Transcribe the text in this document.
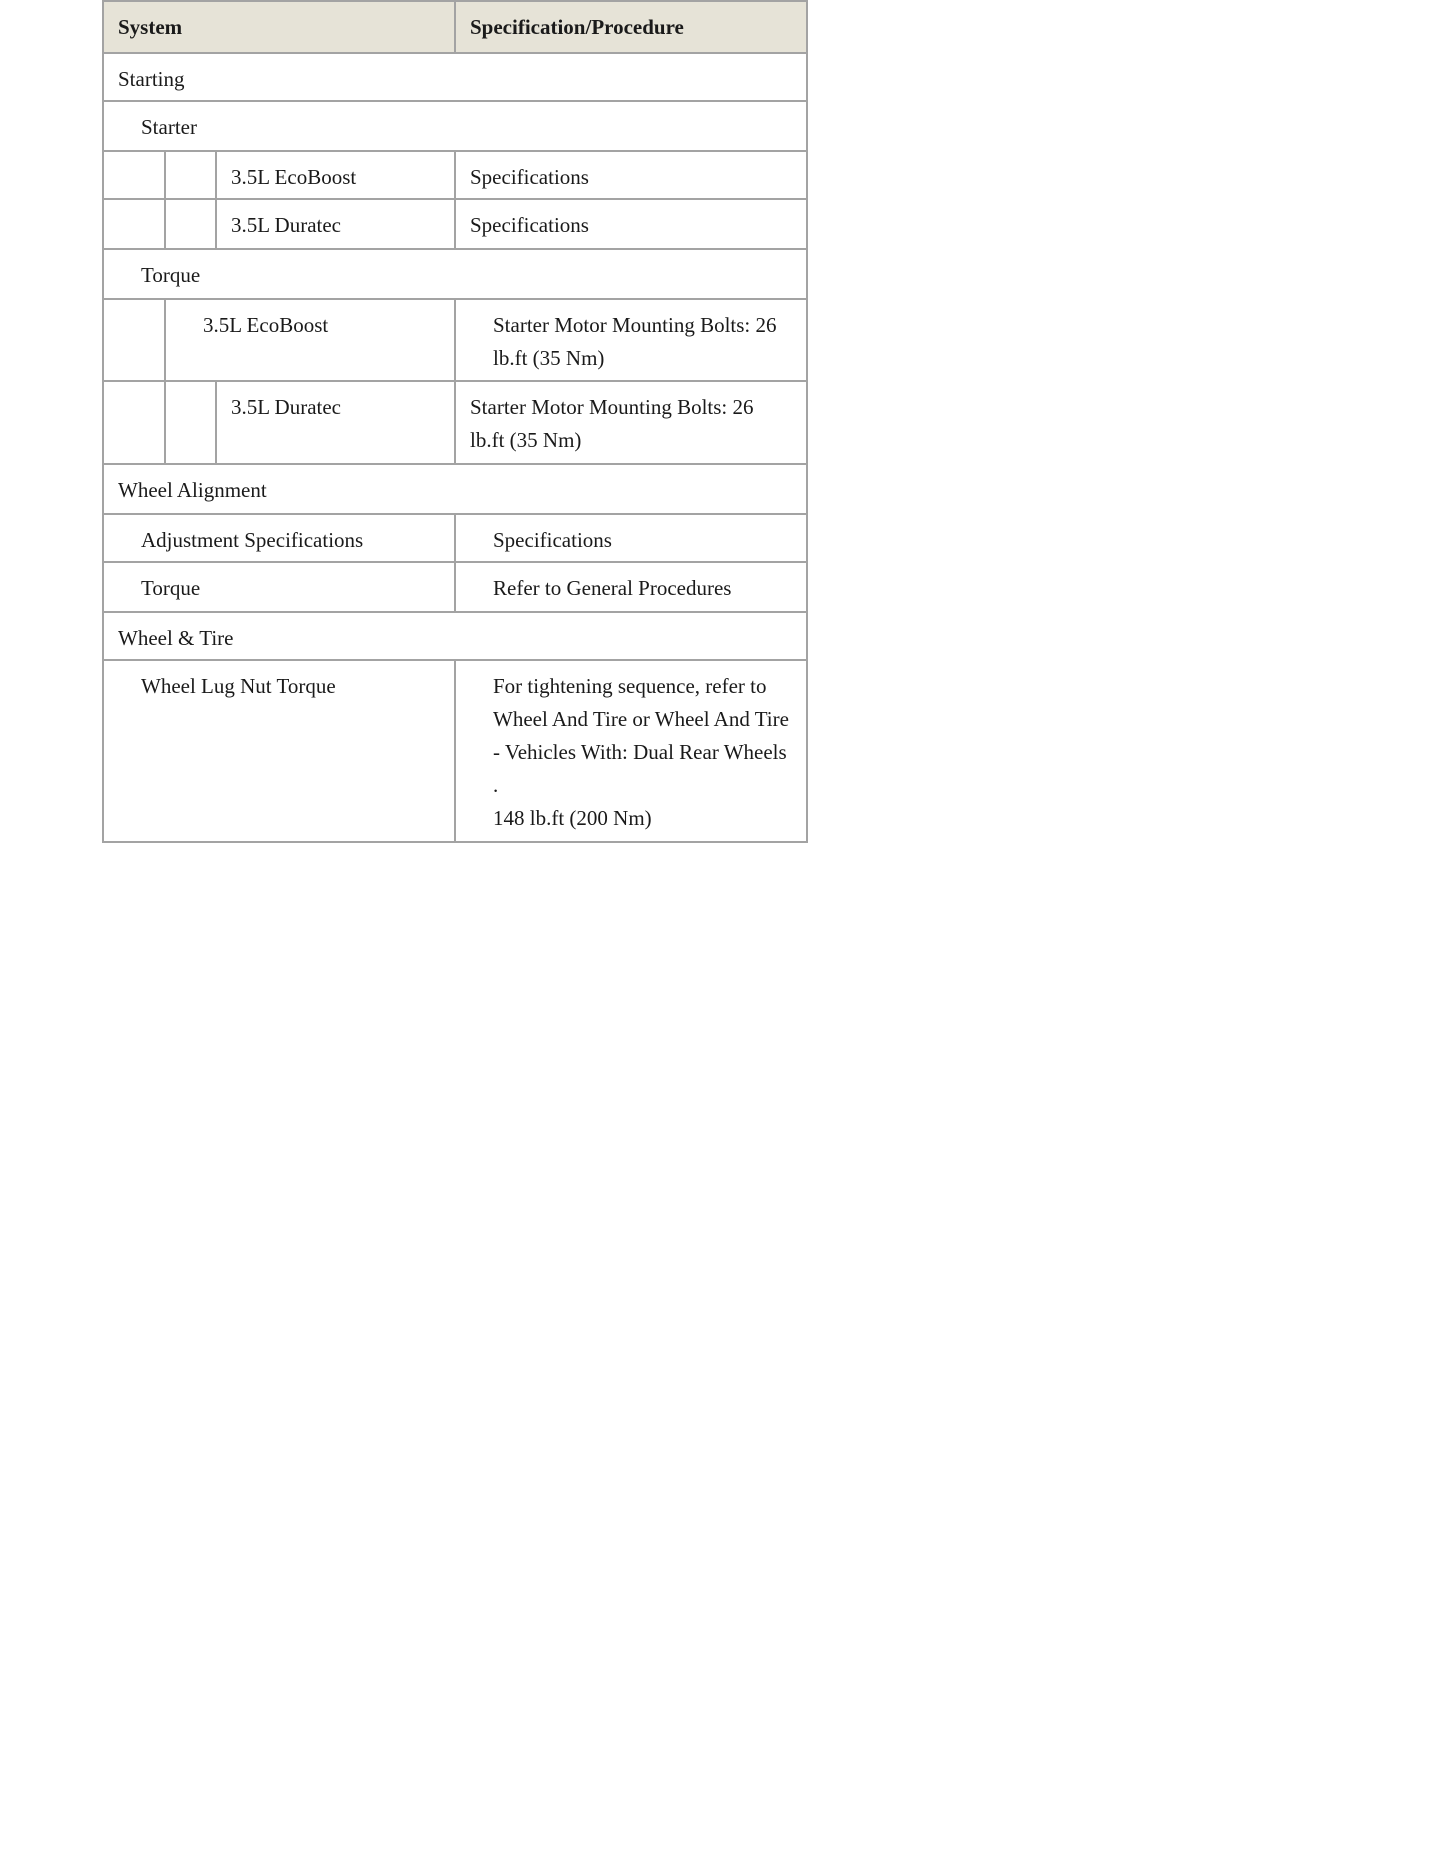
System	Specification/Procedure
Starting
Starter
3.5L EcoBoost	Specifications
3.5L Duratec	Specifications
Torque
3.5L EcoBoost	Starter Motor Mounting Bolts: 26 lb.ft (35 Nm)
3.5L Duratec	Starter Motor Mounting Bolts: 26 lb.ft (35 Nm)
Wheel Alignment
Adjustment Specifications	Specifications
Torque	Refer to General Procedures
Wheel & Tire
Wheel Lug Nut Torque	For tightening sequence, refer to Wheel And Tire or Wheel And Tire - Vehicles With: Dual Rear Wheels .
148 lb.ft (200 Nm)
